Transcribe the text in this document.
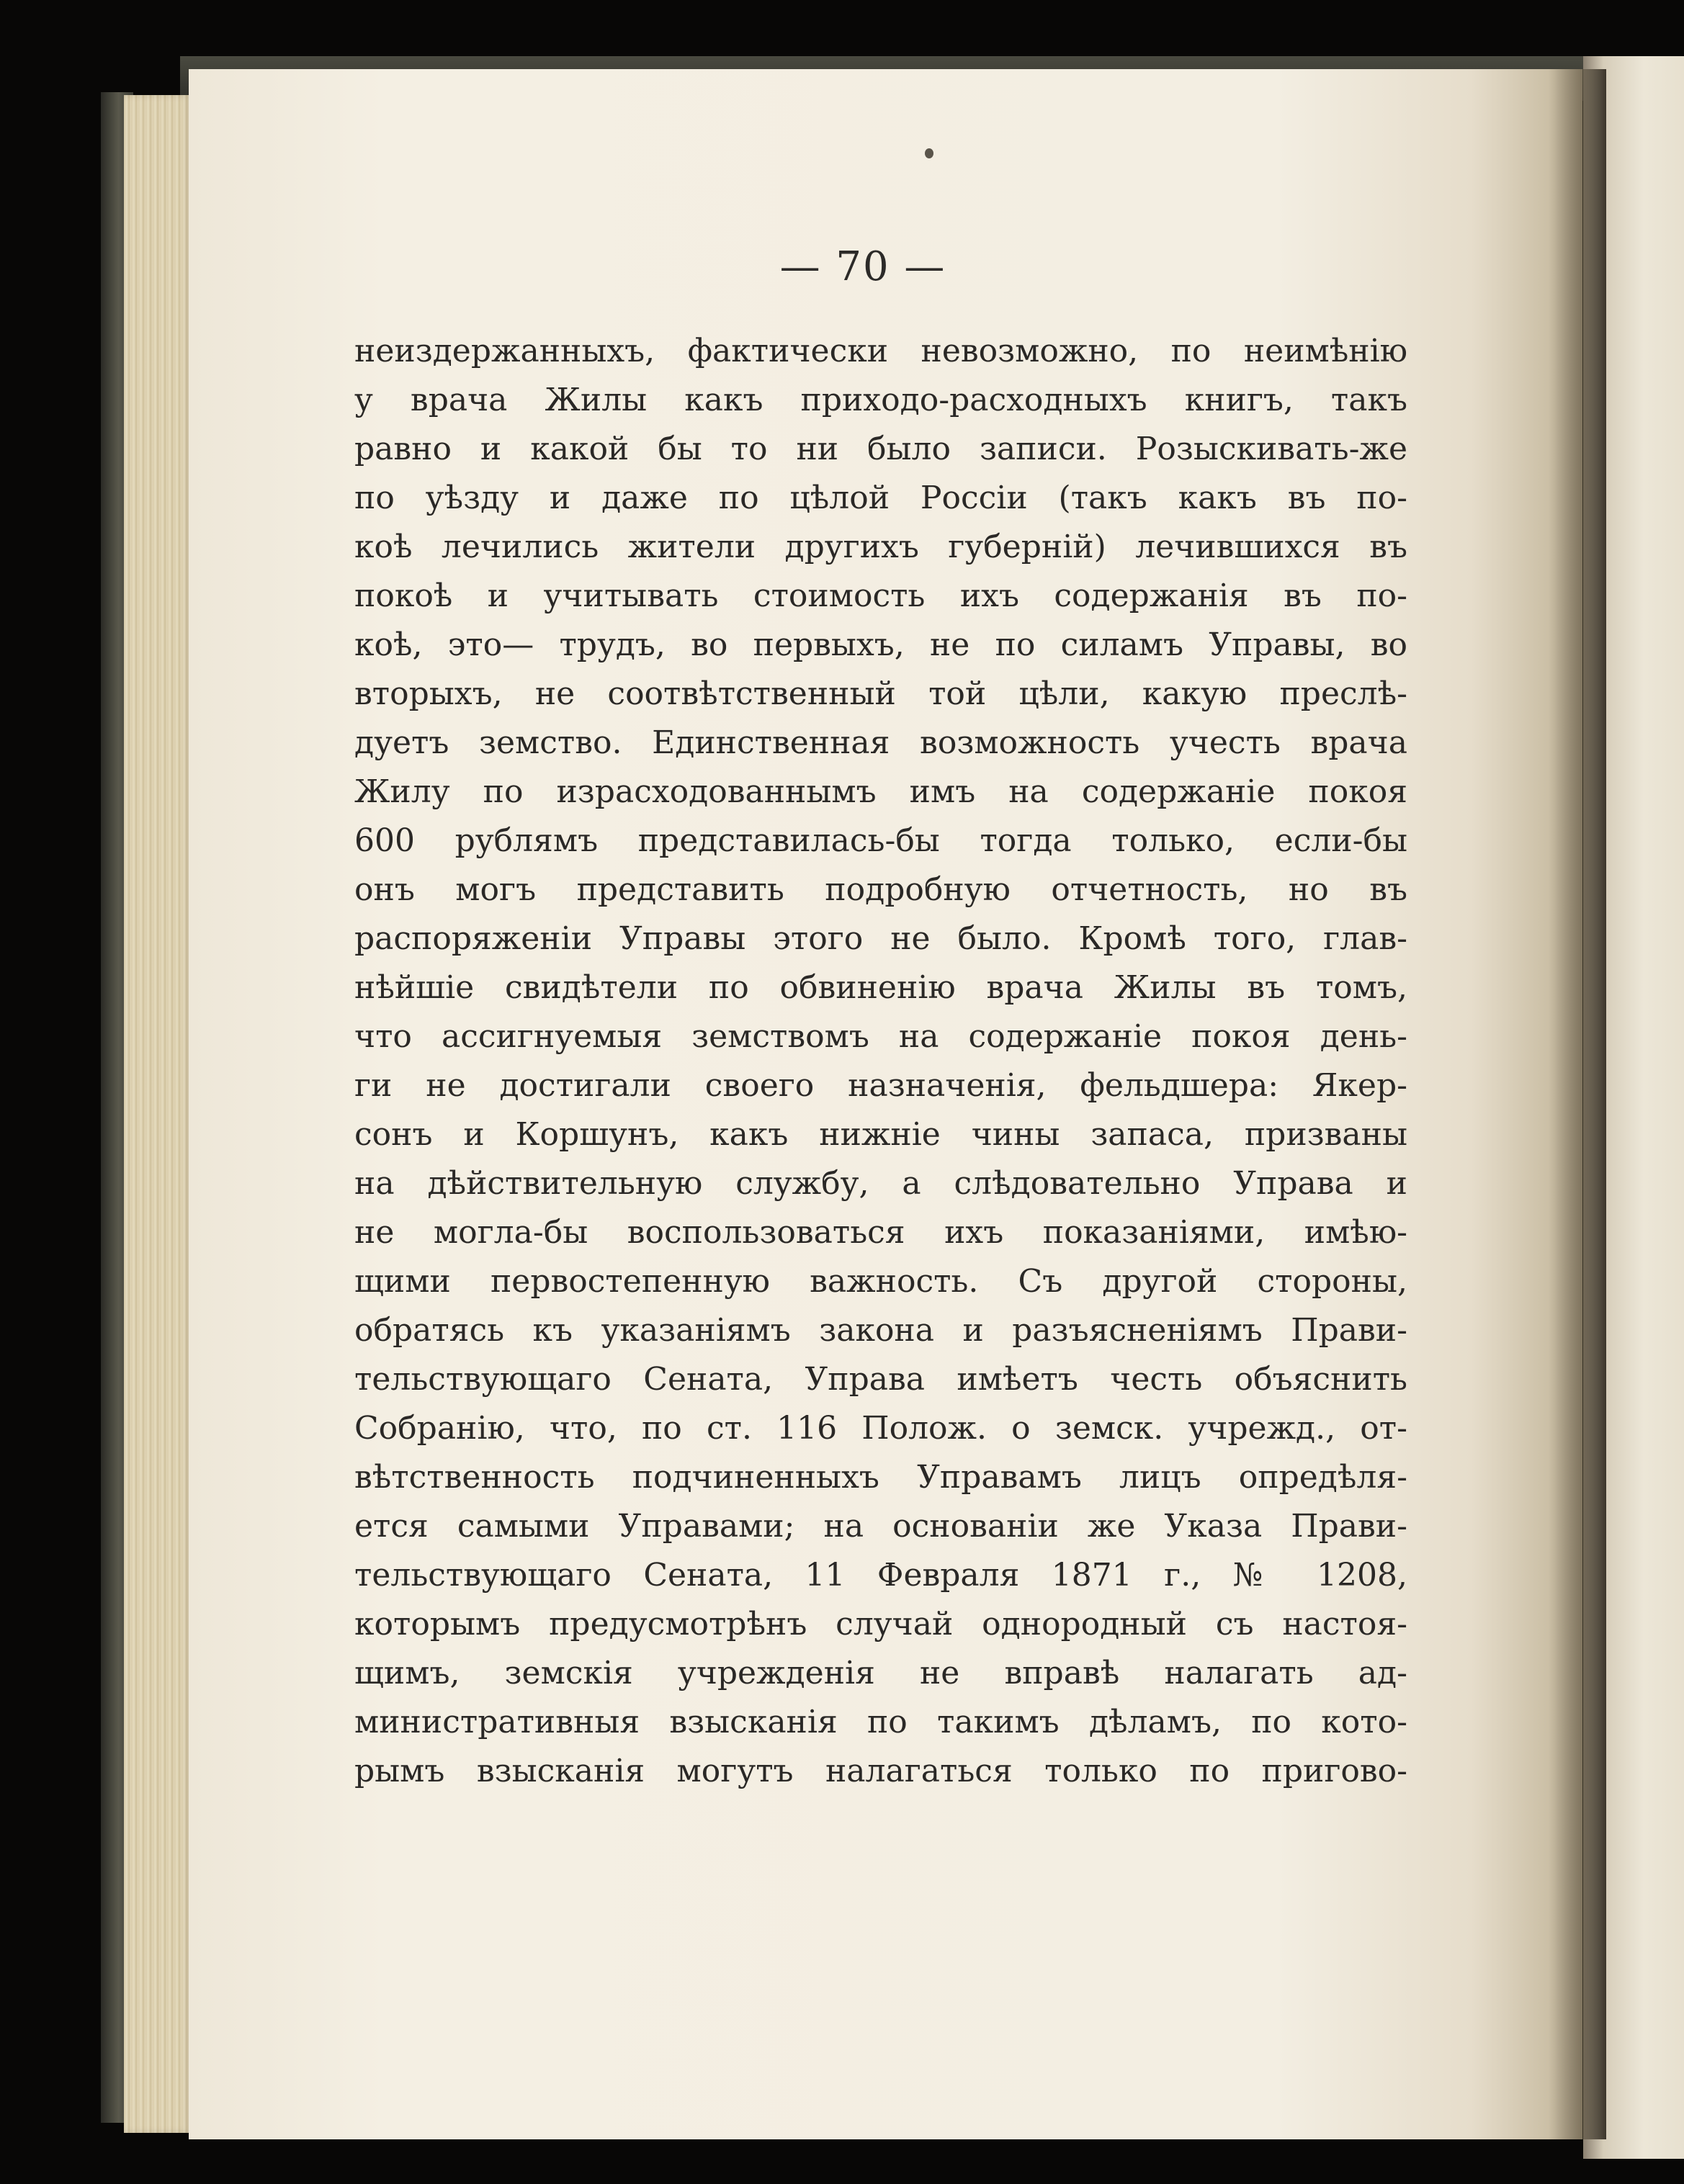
— 70 —
неиздержанныхъ, фактически невозможно, по неимѣнію
у врача Жилы какъ приходо-расходныхъ книгъ, такъ
равно и какой бы то ни было записи. Розыскивать-же
по уѣзду и даже по цѣлой Россіи (такъ какъ въ по-
коѣ лечились жители другихъ губерній) лечившихся въ
покоѣ и учитывать стоимость ихъ содержанія въ по-
коѣ, это— трудъ, во первыхъ, не по силамъ Управы, во
вторыхъ, не соотвѣтственный той цѣли, какую преслѣ-
дуетъ земство. Единственная возможность учесть врача
Жилу по израсходованнымъ имъ на содержаніе покоя
600 рублямъ представилась-бы тогда только, если-бы
онъ могъ представить подробную отчетность, но въ
распоряженіи Управы этого не было. Кромѣ того, глав-
нѣйшіе свидѣтели по обвиненію врача Жилы въ томъ,
что ассигнуемыя земствомъ на содержаніе покоя день-
ги не достигали своего назначенія, фельдшера: Якер-
сонъ и Коршунъ, какъ нижніе чины запаса, призваны
на дѣйствительную службу, а слѣдовательно Управа и
не могла-бы воспользоваться ихъ показаніями, имѣю-
щими первостепенную важность. Съ другой стороны,
обратясь къ указаніямъ закона и разъясненіямъ Прави-
тельствующаго Сената, Управа имѣетъ честь объяснить
Собранію, что, по ст. 116 Полож. о земск. учрежд., от-
вѣтственность подчиненныхъ Управамъ лицъ опредѣля-
ется самыми Управами; на основаніи же Указа Прави-
тельствующаго Сената, 11 Февраля 1871 г., № 1208,
которымъ предусмотрѣнъ случай однородный съ настоя-
щимъ, земскія учрежденія не вправѣ налагать ад-
министративныя взысканія по такимъ дѣламъ, по кото-
рымъ взысканія могутъ налагаться только по пригово-
